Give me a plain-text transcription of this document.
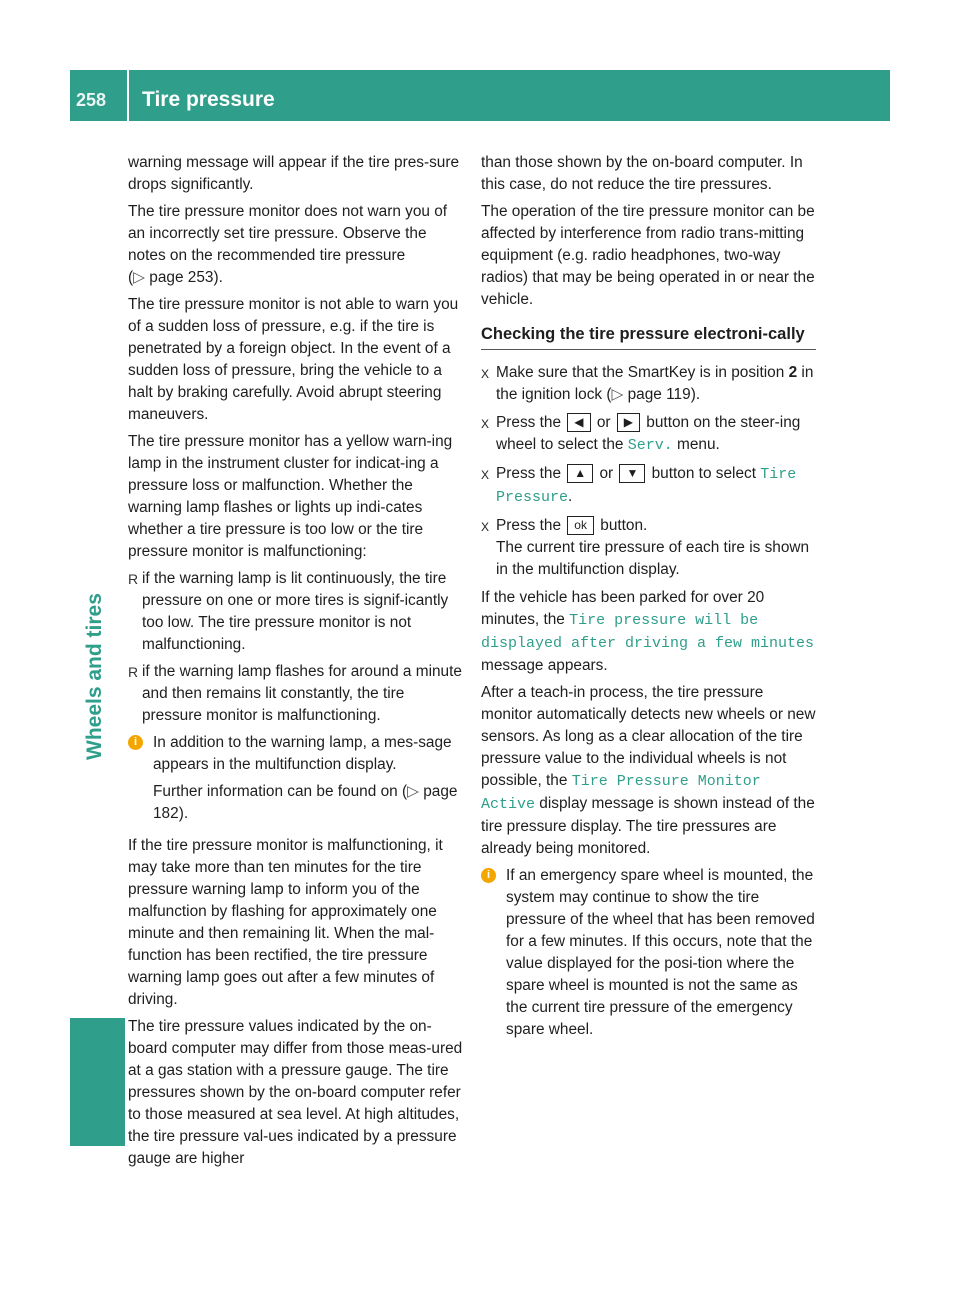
258	Tire pressure
Wheels and tires

warning message will appear if the tire pres-sure drops significantly.

The tire pressure monitor does not warn you of an incorrectly set tire pressure. Observe the notes on the recommended tire pressure (▷ page 253).

The tire pressure monitor is not able to warn you of a sudden loss of pressure, e.g. if the tire is penetrated by a foreign object. In the event of a sudden loss of pressure, bring the vehicle to a halt by braking carefully. Avoid abrupt steering maneuvers.

The tire pressure monitor has a yellow warn-ing lamp in the instrument cluster for indicat-ing a pressure loss or malfunction. Whether the warning lamp flashes or lights up indi-cates whether a tire pressure is too low or the tire pressure monitor is malfunctioning:

R if the warning lamp is lit continuously, the tire pressure on one or more tires is signif-icantly too low. The tire pressure monitor is not malfunctioning.
R if the warning lamp flashes for around a minute and then remains lit constantly, the tire pressure monitor is malfunctioning.
i	In addition to the warning lamp, a mes-sage appears in the multifunction display.

Further information can be found on (▷ page 182).

If the tire pressure monitor is malfunctioning, it may take more than ten minutes for the tire pressure warning lamp to inform you of the malfunction by flashing for approximately one minute and then remaining lit. When the mal-function has been rectified, the tire pressure warning lamp goes out after a few minutes of driving.

The tire pressure values indicated by the on-board computer may differ from those meas-ured at a gas station with a pressure gauge. The tire pressures shown by the on-board computer refer to those measured at sea level. At high altitudes, the tire pressure val-ues indicated by a pressure gauge are higher

than those shown by the on-board computer. In this case, do not reduce the tire pressures.

The operation of the tire pressure monitor can be affected by interference from radio trans-mitting equipment (e.g. radio headphones, two-way radios) that may be being operated in or near the vehicle.

Checking the tire pressure electroni-cally
X Make sure that the SmartKey is in position 2 in the ignition lock (▷ page 119).
X Press the ◀ or ▶ button on the steer-ing wheel to select the Serv. menu.
X Press the ▲ or ▼ button to select Tire Pressure.
X Press the ok button.
The current tire pressure of each tire is shown in the multifunction display.

If the vehicle has been parked for over 20 minutes, the Tire pressure will be displayed after driving a few minutes message appears.

After a teach-in process, the tire pressure monitor automatically detects new wheels or new sensors. As long as a clear allocation of the tire pressure value to the individual wheels is not possible, the Tire Pressure Monitor Active display message is shown instead of the tire pressure display. The tire pressures are already being monitored.

i	If an emergency spare wheel is mounted, the system may continue to show the tire pressure of the wheel that has been removed for a few minutes. If this occurs, note that the value displayed for the posi-tion where the spare wheel is mounted is not the same as the current tire pressure of the emergency spare wheel.
